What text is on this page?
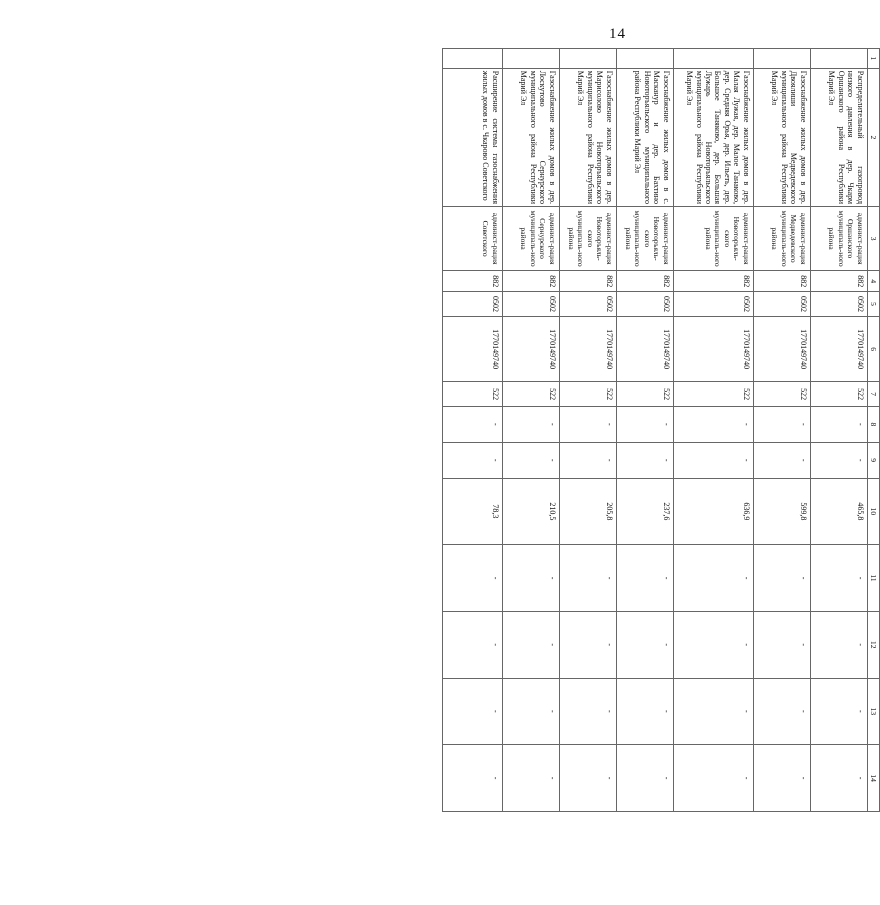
14
1	2	3	4	5	6	7	8	9	10	11	12	13	14
	Распределительный газопровод низкого давления в дер. Чкарм Оршанского района Республики Марий Эл	админист-рация Оршанского муниципаль-ного района	882	0502	1770149740	522	-	-	465,8	-	-	-	-
	Газоснабжение жилых домов в дер. Двоялиши Медведевского муниципального района Республики Марий Эл	админист-рация Медведевского муниципаль-ного района	882	0502	1770149740	522	-	-	599,8	-	-	-	-
	Газоснабжение жилых домов в дер. Малая Лужая, дер. Малое Танаково, дер. Средняя Орья, дер. Ильеть, дер. Большое Таняково, дер. Большая Лужарь Новоторъяльского муниципального района Республики Марий Эл	админист-рация Новоторъяль-ского муниципаль-ного района	882	0502	1770149740	522	-	-	636,9	-	-	-	-
	Газоснабжение жилых домов в с. Масканур и дер. Бахтино Новоторъяльского муниципального района Республики Марий Эл	админист-рация Новоторъяль-ского муниципаль-ного района	882	0502	1770149740	522	-	-	237,6	-	-	-	-
	Газоснабжение жилых домов в дер. Марисолово Новоторъяльского муниципального района Республики Марий Эл	админист-рация Новоторъяль-ского муниципаль-ного района	882	0502	1770149740	522	-	-	205,8	-	-	-	-
	Газоснабжение жилых домов в дер. Лоскутово Сернурского муниципального района Республики Марий Эл	админист-рация Сернурского муниципаль-ного района	882	0502	1770149740	522	-	-	210,5	-	-	-	-
	Расширение системы газоснабжения жилых домов в с. Чкарово Советского	админист-рация Советского	882	0502	1770149740	522	-	-	78,3	-	-	-	-
